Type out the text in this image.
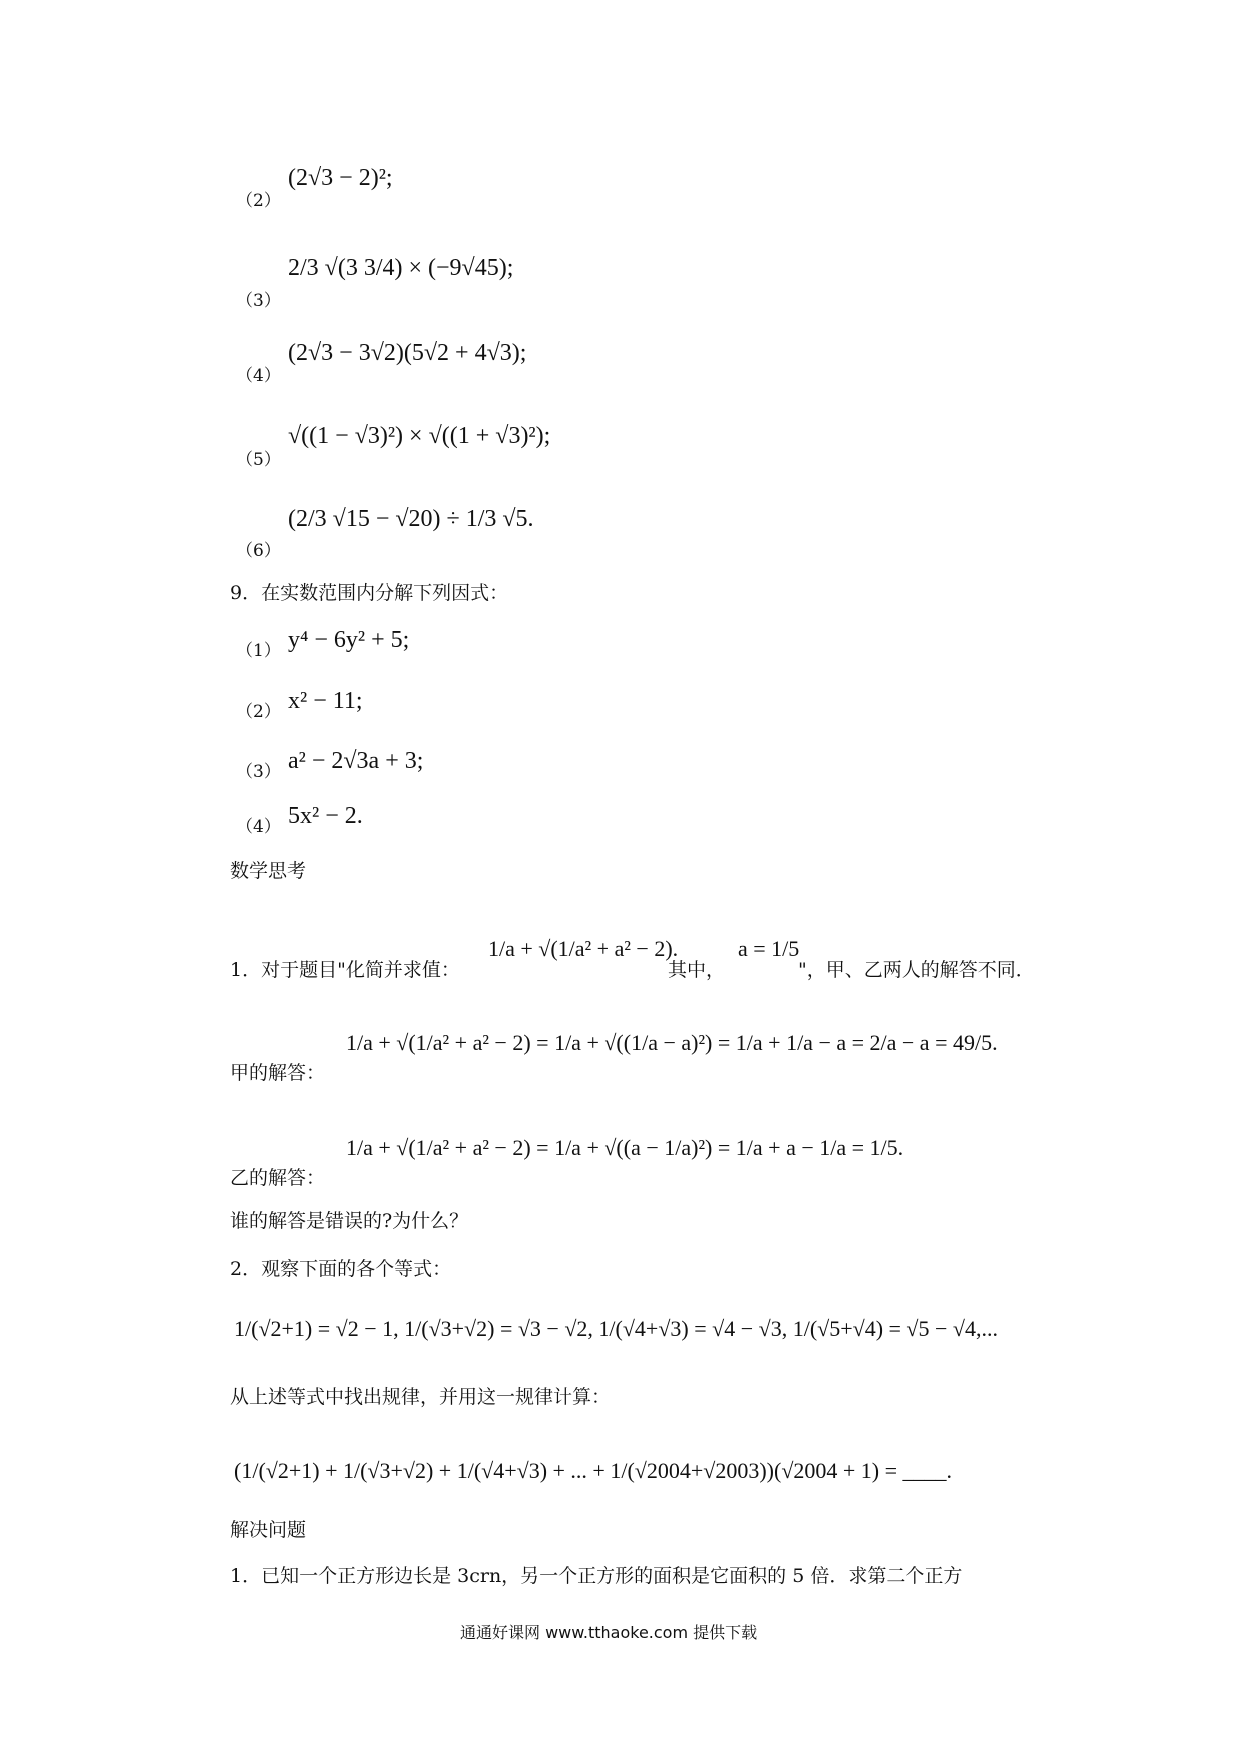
（2）
（3）
（4）
（5）
（6）
(2√3 − 2)²;
2/3 √(3 3/4) × (−9√45);
(2√3 − 3√2)(5√2 + 4√3);
√((1 − √3)²) × √((1 + √3)²);
(2/3 √15 − √20) ÷ 1/3 √5.
9．在实数范围内分解下列因式：
（1） y⁴ − 6y² + 5;
（2） x² − 11;
（3） a² − 2√3a + 3;
（4） 5x² − 2.
数学思考
1．对于题目"化简并求值：
1/a + √(1/a² + a² − 2).
其中，
a = 1/5
"，甲、乙两人的解答不同．
甲的解答：
1/a + √(1/a² + a² − 2) = 1/a + √((1/a − a)²) = 1/a + 1/a − a = 2/a − a = 49/5.
乙的解答：
1/a + √(1/a² + a² − 2) = 1/a + √((a − 1/a)²) = 1/a + a − 1/a = 1/5.
谁的解答是错误的?为什么？
2．观察下面的各个等式：
1/(√2+1) = √2 − 1, 1/(√3+√2) = √3 − √2, 1/(√4+√3) = √4 − √3, 1/(√5+√4) = √5 − √4,...
从上述等式中找出规律，并用这一规律计算：
(1/(√2+1) + 1/(√3+√2) + 1/(√4+√3) + ... + 1/(√2004+√2003))(√2004 + 1) = ____.
解决问题
1．已知一个正方形边长是 3crn，另一个正方形的面积是它面积的 5 倍．求第二个正方
通通好课网 www.tthaoke.com 提供下载
